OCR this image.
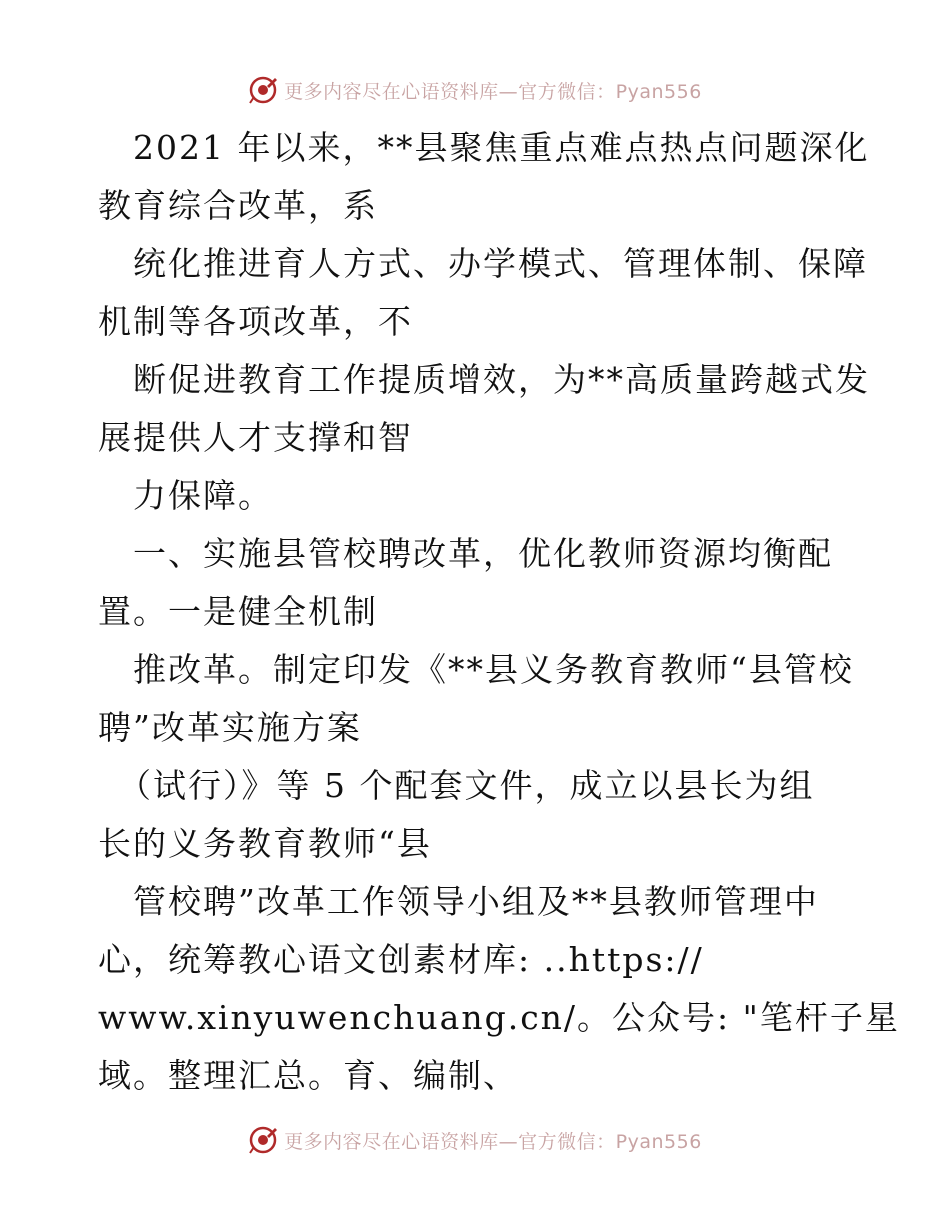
更多内容尽在心语资料库—官方微信：Pyan556
2021 年以来，**县聚焦重点难点热点问题深化
教育综合改革，系
统化推进育人方式、办学模式、管理体制、保障
机制等各项改革，不
断促进教育工作提质增效，为**高质量跨越式发
展提供人才支撑和智
力保障。
一、实施县管校聘改革，优化教师资源均衡配
置。一是健全机制
推改革。制定印发《**县义务教育教师“县管校
聘”改革实施方案
（试行）》等 5 个配套文件，成立以县长为组
长的义务教育教师“县
管校聘”改革工作领导小组及**县教师管理中
心，统筹教心语文创素材库: ..https://
www.xinyuwenchuang.cn/。公众号: "笔杆子星
域。整理汇总。育、编制、
更多内容尽在心语资料库—官方微信：Pyan556
